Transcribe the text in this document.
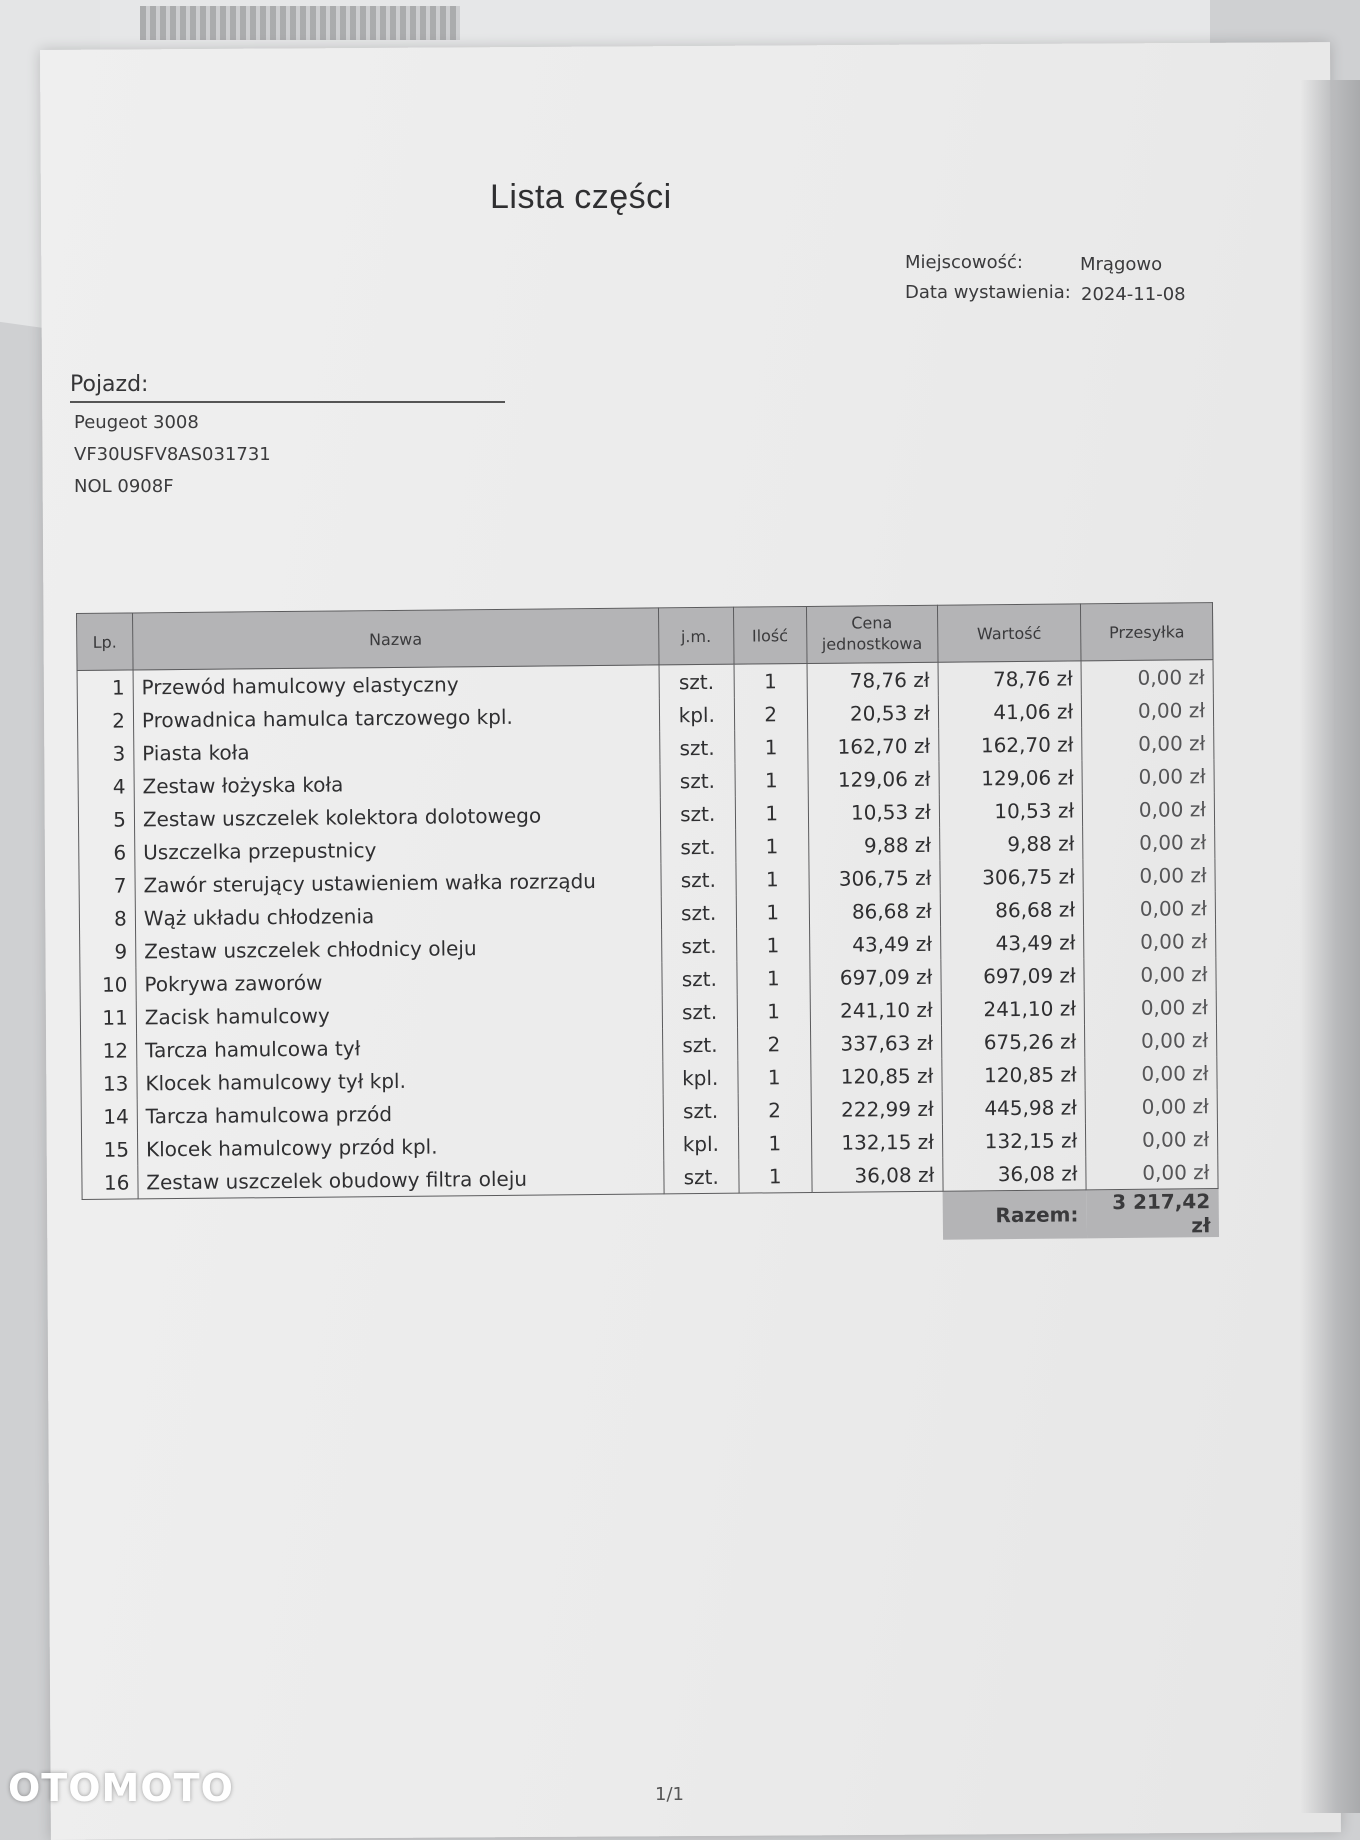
Lista części
Miejscowość:	Mrągowo
Data wystawienia: 2024-11-08
Pojazd:
Peugeot 3008
VF30USFV8AS031731
NOL 0908F
Lp.	Nazwa	j.m.	Ilość	Cena
jednostkowa	Wartość	Przesyłka
1	Przewód hamulcowy elastyczny	szt.	1	78,76 zł	78,76 zł	0,00 zł
2	Prowadnica hamulca tarczowego kpl.	kpl.	2	20,53 zł	41,06 zł	0,00 zł
3	Piasta koła	szt.	1	162,70 zł	162,70 zł	0,00 zł
4	Zestaw łożyska koła	szt.	1	129,06 zł	129,06 zł	0,00 zł
5	Zestaw uszczelek kolektora dolotowego	szt.	1	10,53 zł	10,53 zł	0,00 zł
6	Uszczelka przepustnicy	szt.	1	9,88 zł	9,88 zł	0,00 zł
7	Zawór sterujący ustawieniem wałka rozrządu	szt.	1	306,75 zł	306,75 zł	0,00 zł
8	Wąż układu chłodzenia	szt.	1	86,68 zł	86,68 zł	0,00 zł
9	Zestaw uszczelek chłodnicy oleju	szt.	1	43,49 zł	43,49 zł	0,00 zł
10	Pokrywa zaworów	szt.	1	697,09 zł	697,09 zł	0,00 zł
11	Zacisk hamulcowy	szt.	1	241,10 zł	241,10 zł	0,00 zł
12	Tarcza hamulcowa tył	szt.	2	337,63 zł	675,26 zł	0,00 zł
13	Klocek hamulcowy tył kpl.	kpl.	1	120,85 zł	120,85 zł	0,00 zł
14	Tarcza hamulcowa przód	szt.	2	222,99 zł	445,98 zł	0,00 zł
15	Klocek hamulcowy przód kpl.	kpl.	1	132,15 zł	132,15 zł	0,00 zł
16	Zestaw uszczelek obudowy filtra oleju	szt.	1	36,08 zł	36,08 zł	0,00 zł
					Razem:	3 217,42 zł
1/1
OTOMOTO
